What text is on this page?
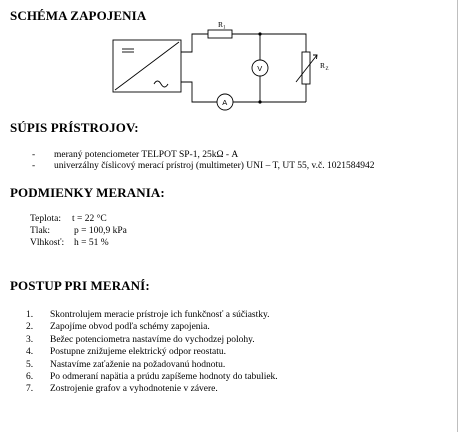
SCHÉMA ZAPOJENIA
R 1
R Z
V
A
SÚPIS PRÍSTROJOV:
- meraný potenciometer TELPOT SP-1, 25kΩ - A
- univerzálny číslicový merací prístroj (multimeter) UNI – T, UT 55, v.č. 1021584942
PODMIENKY MERANIA:
Teplota: t = 22 °C
Tlak:	p = 100,9 kPa
Vlhkosť: h = 51 %
POSTUP PRI MERANÍ:
1. Skontrolujem meracie prístroje ich funkčnosť a súčiastky.
2. Zapojíme obvod podľa schémy zapojenia.
3. Bežec potenciometra nastavíme do vychodzej polohy.
4. Postupne znižujeme elektrický odpor reostatu.
5. Nastavíme zaťaženie na požadovanú hodnotu.
6. Po odmeraní napätia a prúdu zapíšeme hodnoty do tabuliek.
7. Zostrojenie grafov a vyhodnotenie v závere.
